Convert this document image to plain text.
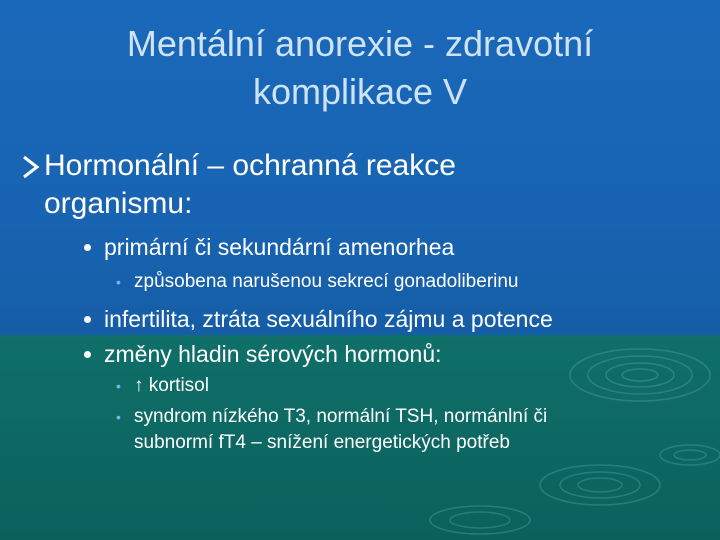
Mentální anorexie - zdravotní
komplikace V
Hormonální – ochranná reakce
organismu:
primární či sekundární amenorhea
• způsobena narušenou sekrecí gonadoliberinu
infertilita, ztráta sexuálního zájmu a potence
změny hladin sérových hormonů:
• ↑ kortisol
• syndrom nízkého T3, normální TSH, normánlní či
subnormí fT4 – snížení energetických potřeb
